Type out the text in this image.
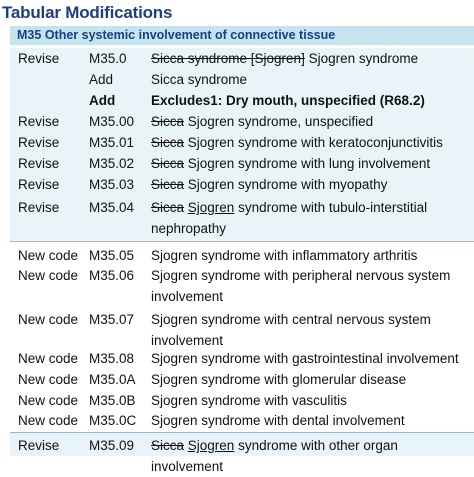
Tabular Modifications
M35 Other systemic involvement of connective tissue
Revise M35.0 Sicca syndrome [Sjogren] Sjogren syndrome
Add	Sicca syndrome
Add	Excludes1: Dry mouth, unspecified (R68.2)
Revise M35.00 Sicca Sjogren syndrome, unspecified
Revise M35.01 Sicca Sjogren syndrome with keratoconjunctivitis
Revise M35.02 Sicca Sjogren syndrome with lung involvement
Revise M35.03 Sicca Sjogren syndrome with myopathy
Revise M35.04 Sicca Sjogren syndrome with tubulo-interstitial nephropathy
New code M35.05 Sjogren syndrome with inflammatory arthritis
New code M35.06 Sjogren syndrome with peripheral nervous system involvement
New code M35.07 Sjogren syndrome with central nervous system involvement
New code M35.08 Sjogren syndrome with gastrointestinal involvement
New code M35.0A Sjogren syndrome with glomerular disease
New code M35.0B Sjogren syndrome with vasculitis
New code M35.0C Sjogren syndrome with dental involvement
Revise M35.09 Sicca Sjogren syndrome with other organ involvement
